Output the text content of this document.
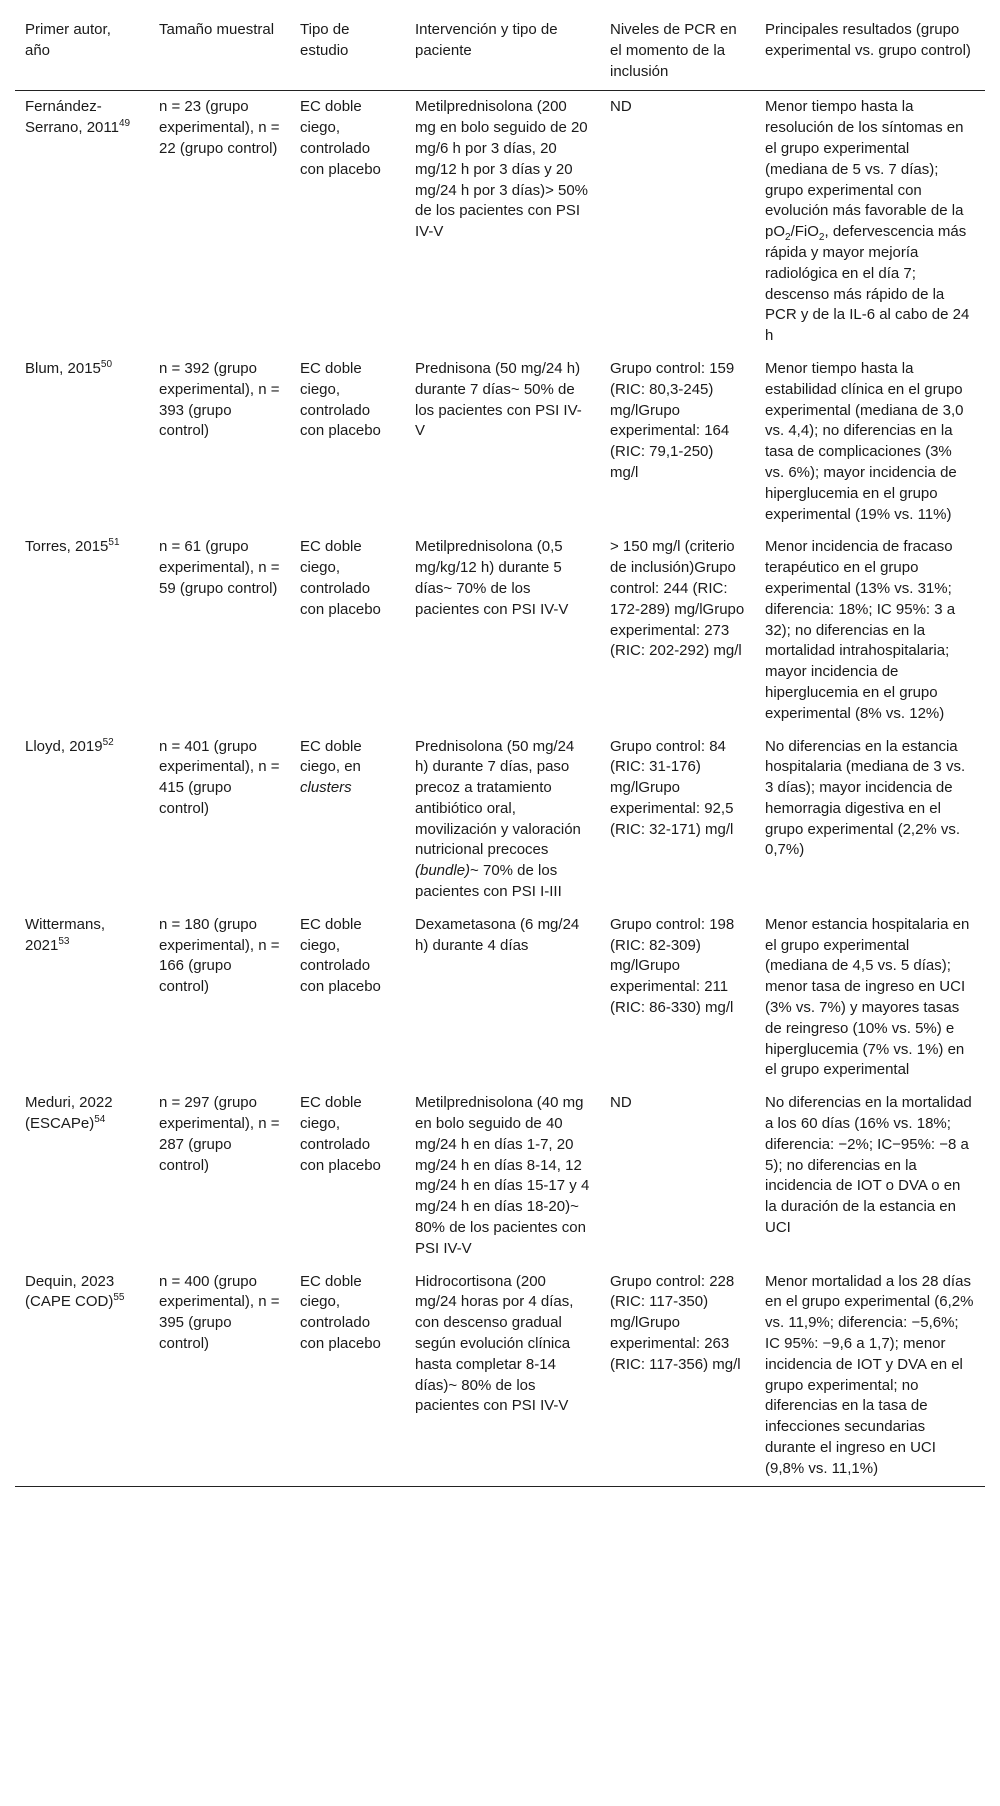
Primer autor, año	Tamaño muestral	Tipo de estudio	Intervención y tipo de paciente	Niveles de PCR en el momento de la inclusión	Principales resultados (grupo experimental vs. grupo control)
Fernández-Serrano, 2011$^{49}$	n = 23 (grupo experimental), n = 22 (grupo control)	EC doble ciego, controlado con placebo	Metilprednisolona (200 mg en bolo seguido de 20 mg/6 h por 3 días, 20 mg/12 h por 3 días y 20 mg/24 h por 3 días)> 50% de los pacientes con PSI IV-V	ND	Menor tiempo hasta la resolución de los síntomas en el grupo experimental (mediana de 5 vs. 7 días); grupo experimental con evolución más favorable de la $pO_2/FiO_2$, defervescencia más rápida y mayor mejoría radiológica en el día 7; descenso más rápido de la PCR y de la IL-6 al cabo de 24 h
Blum, 2015$^{50}$	n = 392 (grupo experimental), n = 393 (grupo control)	EC doble ciego, controlado con placebo	Prednisona (50 mg/24 h) durante 7 días~ 50% de los pacientes con PSI IV-V	Grupo control: 159 (RIC: 80,3-245) mg/lGrupo experimental: 164 (RIC: 79,1-250) mg/l	Menor tiempo hasta la estabilidad clínica en el grupo experimental (mediana de 3,0 vs. 4,4); no diferencias en la tasa de complicaciones (3% vs. 6%); mayor incidencia de hiperglucemia en el grupo experimental (19% vs. 11%)
Torres, 2015$^{51}$	n = 61 (grupo experimental), n = 59 (grupo control)	EC doble ciego, controlado con placebo	Metilprednisolona (0,5 mg/kg/12 h) durante 5 días~ 70% de los pacientes con PSI IV-V	> 150 mg/l (criterio de inclusión)Grupo control: 244 (RIC: 172-289) mg/lGrupo experimental: 273 (RIC: 202-292) mg/l	Menor incidencia de fracaso terapéutico en el grupo experimental (13% vs. 31%; diferencia: 18%; IC 95%: 3 a 32); no diferencias en la mortalidad intrahospitalaria; mayor incidencia de hiperglucemia en el grupo experimental (8% vs. 12%)
Lloyd, 2019$^{52}$	n = 401 (grupo experimental), n = 415 (grupo control)	EC doble ciego, en clusters	Prednisolona (50 mg/24 h) durante 7 días, paso precoz a tratamiento antibiótico oral, movilización y valoración nutricional precoces (bundle)~ 70% de los pacientes con PSI I-III	Grupo control: 84 (RIC: 31-176) mg/lGrupo experimental: 92,5 (RIC: 32-171) mg/l	No diferencias en la estancia hospitalaria (mediana de 3 vs. 3 días); mayor incidencia de hemorragia digestiva en el grupo experimental (2,2% vs. 0,7%)
Wittermans, 2021$^{53}$	n = 180 (grupo experimental), n = 166 (grupo control)	EC doble ciego, controlado con placebo	Dexametasona (6 mg/24 h) durante 4 días	Grupo control: 198 (RIC: 82-309) mg/lGrupo experimental: 211 (RIC: 86-330) mg/l	Menor estancia hospitalaria en el grupo experimental (mediana de 4,5 vs. 5 días); menor tasa de ingreso en UCI (3% vs. 7%) y mayores tasas de reingreso (10% vs. 5%) e hiperglucemia (7% vs. 1%) en el grupo experimental
Meduri, 2022 (ESCAPe)$^{54}$	n = 297 (grupo experimental), n = 287 (grupo control)	EC doble ciego, controlado con placebo	Metilprednisolona (40 mg en bolo seguido de 40 mg/24 h en días 1-7, 20 mg/24 h en días 8-14, 12 mg/24 h en días 15-17 y 4 mg/24 h en días 18-20)~ 80% de los pacientes con PSI IV-V	ND	No diferencias en la mortalidad a los 60 días (16% vs. 18%; diferencia: −2%; IC−95%: −8 a 5); no diferencias en la incidencia de IOT o DVA o en la duración de la estancia en UCI
Dequin, 2023 (CAPE COD)$^{55}$	n = 400 (grupo experimental), n = 395 (grupo control)	EC doble ciego, controlado con placebo	Hidrocortisona (200 mg/24 horas por 4 días, con descenso gradual según evolución clínica hasta completar 8-14 días)~ 80% de los pacientes con PSI IV-V	Grupo control: 228 (RIC: 117-350) mg/lGrupo experimental: 263 (RIC: 117-356) mg/l	Menor mortalidad a los 28 días en el grupo experimental (6,2% vs. 11,9%; diferencia: −5,6%; IC 95%: −9,6 a 1,7); menor incidencia de IOT y DVA en el grupo experimental; no diferencias en la tasa de infecciones secundarias durante el ingreso en UCI (9,8% vs. 11,1%)
